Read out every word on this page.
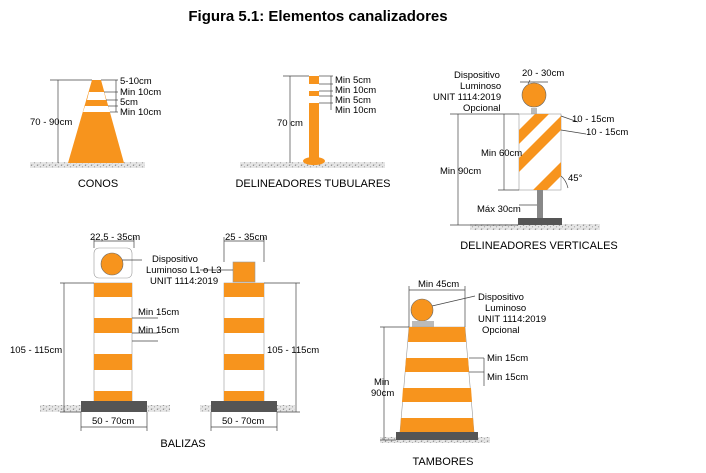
Figura 5.1: Elementos canalizadores
70 - 90cm
5-10cm
Min 10cm
5cm
Min 10cm
CONOS
70 cm
Min 5cm
Min 10cm
Min 5cm
Min 10cm
DELINEADORES TUBULARES
Dispositivo
Luminoso
UNIT 1114:2019
Opcional
20 - 30cm
10 - 15cm
10 - 15cm
Min 60cm
Min 90cm
45°
Máx 30cm
DELINEADORES VERTICALES
22,5 - 35cm	25 - 35cm
Dispositivo
Luminoso L1 o L3
UNIT 1114:2019
Min 15cm
Min 15cm
105 - 115cm	105 - 115cm
50 - 70cm	50 - 70cm
BALIZAS
Min 45cm
Dispositivo
Luminoso
UNIT 1114:2019
Opcional
Min
90cm
Min 15cm
Min 15cm
TAMBORES
